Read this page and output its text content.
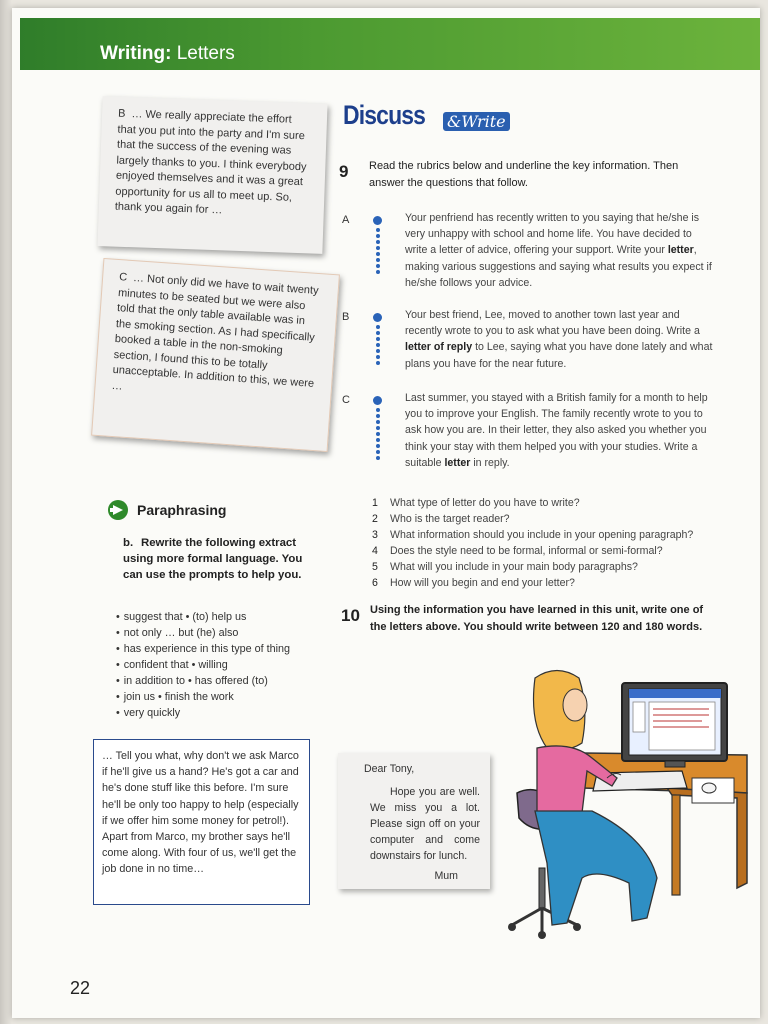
Writing: Letters
B … We really appreciate the effort that you put into the party and I'm sure that the success of the evening was largely thanks to you. I think everybody enjoyed themselves and it was a great opportunity for us all to meet up. So, thank you again for …
C … Not only did we have to wait twenty minutes to be seated but we were also told that the only table available was in the smoking section. As I had specifically booked a table in the non-smoking section, I found this to be totally unacceptable. In addition to this, we were …
Discuss &Write
9 Read the rubrics below and underline the key information. Then answer the questions that follow.
A	Your penfriend has recently written to you saying that he/she is very unhappy with school and home life. You have decided to write a letter of advice, offering your support. Write your letter, making various suggestions and saying what results you expect if he/she follows your advice.
B	Your best friend, Lee, moved to another town last year and recently wrote to you to ask what you have been doing. Write a letter of reply to Lee, saying what you have done lately and what plans you have for the near future.
C	Last summer, you stayed with a British family for a month to help you to improve your English. The family recently wrote to you to ask how you are. In their letter, they also asked you whether you think your stay with them helped you with your studies. Write a suitable letter in reply.
1	What type of letter do you have to write?
2	Who is the target reader?
3	What information should you include in your opening paragraph?
4	Does the style need to be formal, informal or semi-formal?
5	What will you include in your main body paragraphs?
6	How will you begin and end your letter?
10 Using the information you have learned in this unit, write one of the letters above. You should write between 120 and 180 words.
Paraphrasing
b. Rewrite the following extract using more formal language. You can use the prompts to help you.
• suggest that • (to) help us
• not only … but (he) also
• has experience in this type of thing
• confident that • willing
• in addition to • has offered (to)
• join us • finish the work
• very quickly
… Tell you what, why don't we ask Marco if he'll give us a hand? He's got a car and he's done stuff like this before. I'm sure he'll be only too happy to help (especially if we offer him some money for petrol!). Apart from Marco, my brother says he'll come along. With four of us, we'll get the job done in no time…
Dear Tony,
Hope you are well. We miss you a lot. Please sign off on your computer and come downstairs for lunch.
Mum
22
